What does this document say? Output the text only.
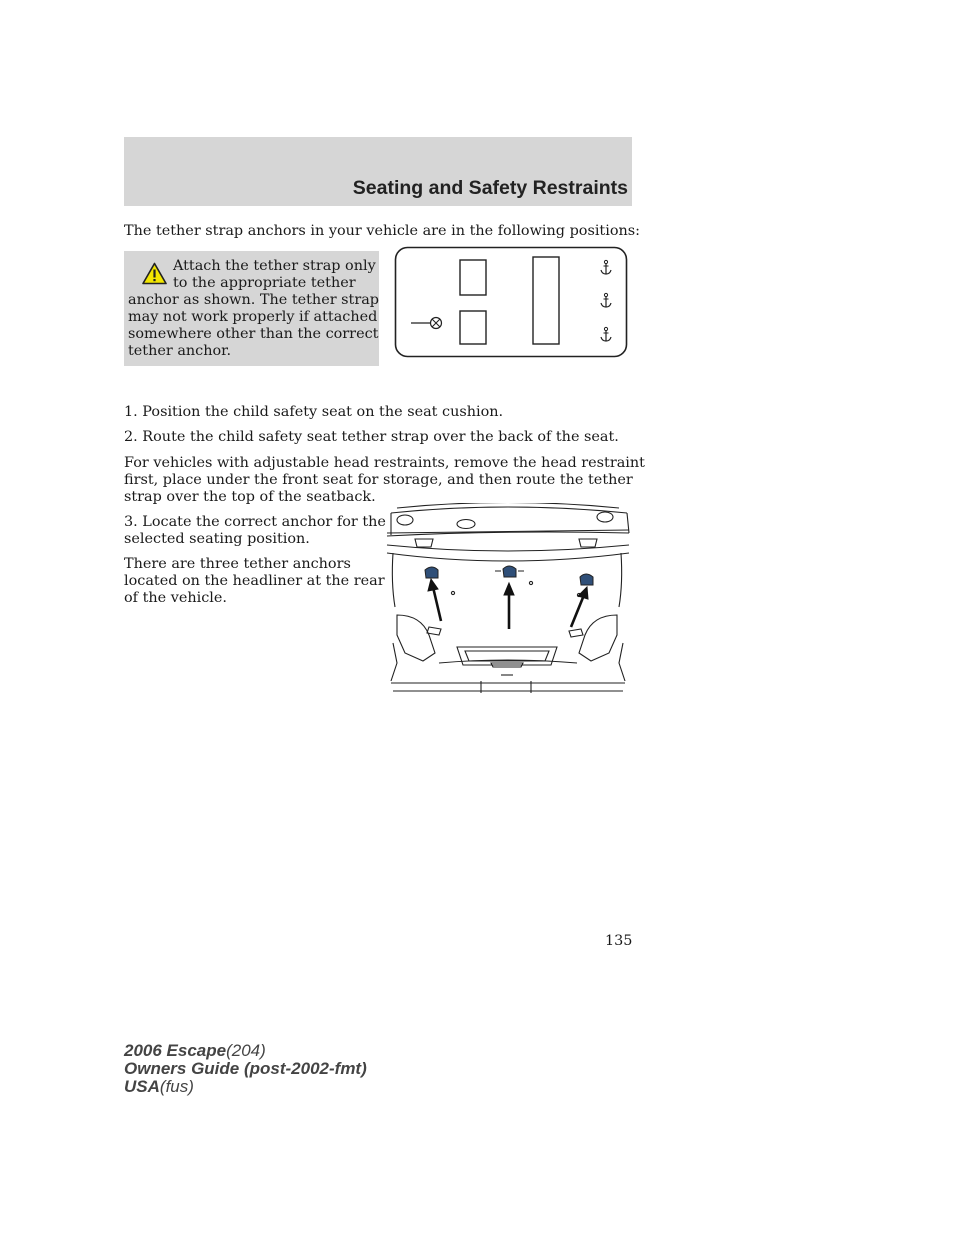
Seating and Safety Restraints

The tether strap anchors in your vehicle are in the following positions:

Attach the tether strap only

to the appropriate tether

anchor as shown. The tether strap

may not work properly if attached

somewhere other than the correct

tether anchor.

1. Position the child safety seat on the seat cushion.

2. Route the child safety seat tether strap over the back of the seat.

For vehicles with adjustable head restraints, remove the head restraint

first, place under the front seat for storage, and then route the tether

strap over the top of the seatback.

3. Locate the correct anchor for the

selected seating position.

There are three tether anchors

located on the headliner at the rear

of the vehicle.

135
2006 Escape(204)
Owners Guide (post-2002-fmt)
USA(fus)
